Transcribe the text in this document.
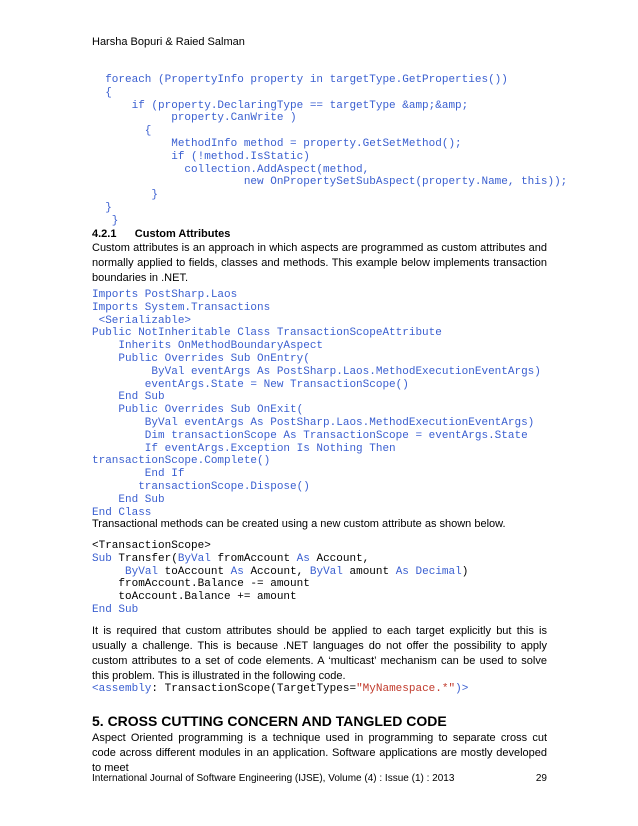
Harsha Bopuri & Raied Salman
foreach (PropertyInfo property in targetType.GetProperties())
{
if (property.DeclaringType == targetType &amp;&amp;
property.CanWrite )
{
MethodInfo method = property.GetSetMethod();
if (!method.IsStatic)
collection.AddAspect(method,
new OnPropertySetSubAspect(property.Name, this));
}
}
}
4.2.1      Custom Attributes
Custom attributes is an approach in which aspects are programmed as custom attributes and normally applied to fields, classes and methods. This example below implements transaction boundaries in .NET.
Imports PostSharp.Laos
Imports System.Transactions
<Serializable>
Public NotInheritable Class TransactionScopeAttribute
Inherits OnMethodBoundaryAspect
Public Overrides Sub OnEntry(
ByVal eventArgs As PostSharp.Laos.MethodExecutionEventArgs)
eventArgs.State = New TransactionScope()
End Sub
Public Overrides Sub OnExit(
ByVal eventArgs As PostSharp.Laos.MethodExecutionEventArgs)
Dim transactionScope As TransactionScope = eventArgs.State
If eventArgs.Exception Is Nothing Then
transactionScope.Complete()
End If
transactionScope.Dispose()
End Sub
End Class
Transactional methods can be created using a new custom attribute as shown below.
<TransactionScope>
Sub Transfer(ByVal fromAccount As Account,
ByVal toAccount As Account, ByVal amount As Decimal)
fromAccount.Balance -= amount
toAccount.Balance += amount
End Sub
It is required that custom attributes should be applied to each target explicitly but this is usually a challenge. This is because .NET languages do not offer the possibility to apply custom attributes to a set of code elements. A ‘multicast’ mechanism can be used to solve this problem. This is illustrated in the following code.
<assembly: TransactionScope(TargetTypes="MyNamespace.*")>
5. CROSS CUTTING CONCERN AND TANGLED CODE
Aspect Oriented programming is a technique used in programming to separate cross cut code across different modules in an application. Software applications are mostly developed to meet
International Journal of Software Engineering (IJSE), Volume (4) : Issue (1) : 2013	29
